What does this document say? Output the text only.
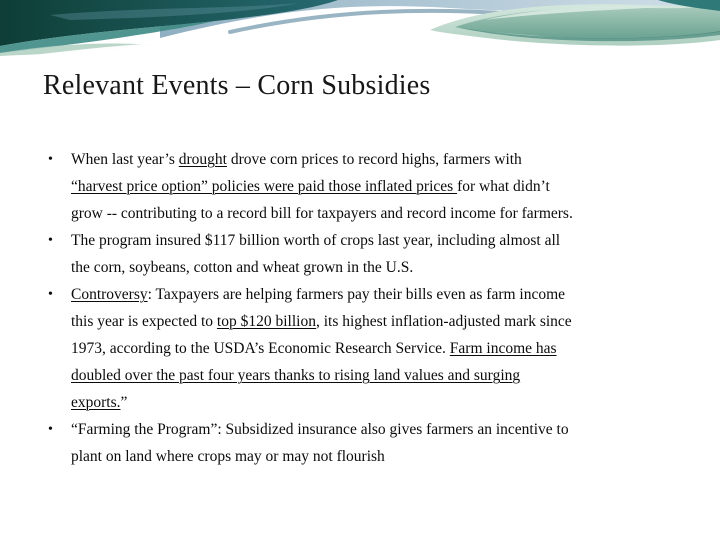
Relevant Events – Corn Subsidies
•	When last year’s drought drove corn prices to record highs, farmers with
“harvest price option” policies were paid those inflated prices for what didn’t
grow -- contributing to a record bill for taxpayers and record income for farmers.
•	The program insured $117 billion worth of crops last year, including almost all
the corn, soybeans, cotton and wheat grown in the U.S.
•	Controversy: Taxpayers are helping farmers pay their bills even as farm income
this year is expected to top $120 billion, its highest inflation-adjusted mark since
1973, according to the USDA’s Economic Research Service. Farm income has
doubled over the past four years thanks to rising land values and surging
exports.”
•	“Farming the Program”: Subsidized insurance also gives farmers an incentive to
plant on land where crops may or may not flourish
